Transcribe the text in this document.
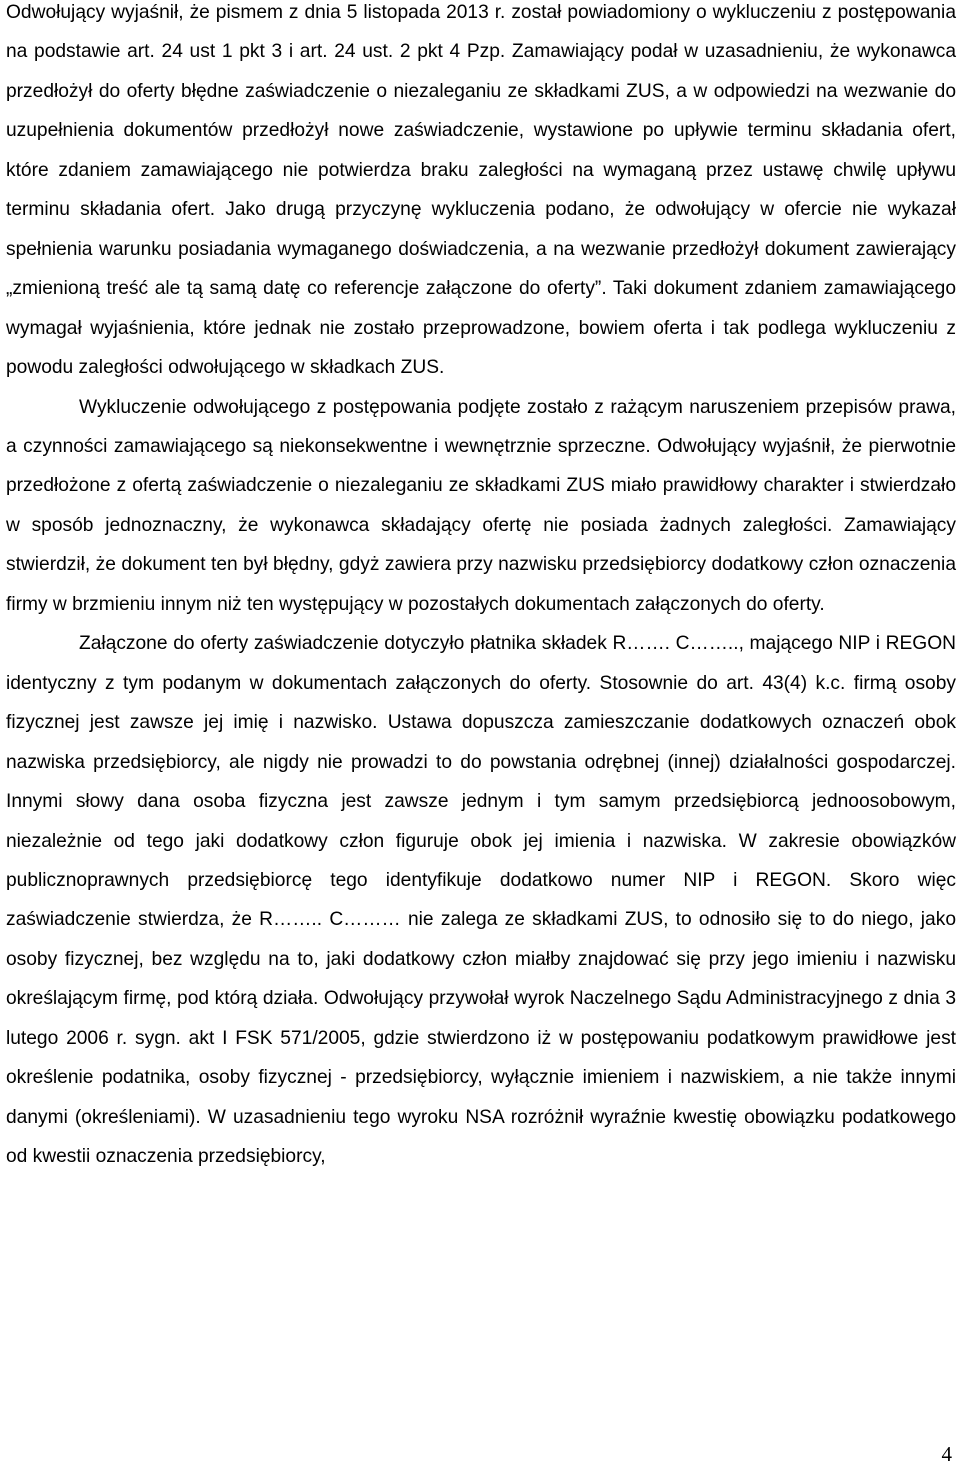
Odwołujący wyjaśnił, że pismem z dnia 5 listopada 2013 r. został powiadomiony o wykluczeniu z postępowania na podstawie art. 24 ust 1 pkt 3 i art. 24 ust. 2 pkt 4 Pzp. Zamawiający podał w uzasadnieniu, że wykonawca przedłożył do oferty błędne zaświadczenie o niezaleganiu ze składkami ZUS, a w odpowiedzi na wezwanie do uzupełnienia dokumentów przedłożył nowe zaświadczenie, wystawione po upływie terminu składania ofert, które zdaniem zamawiającego nie potwierdza braku zaległości na wymaganą przez ustawę chwilę upływu terminu składania ofert. Jako drugą przyczynę wykluczenia podano, że odwołujący w ofercie nie wykazał spełnienia warunku posiadania wymaganego doświadczenia, a na wezwanie przedłożył dokument zawierający „zmienioną treść ale tą samą datę co referencje załączone do oferty”. Taki dokument zdaniem zamawiającego wymagał wyjaśnienia, które jednak nie zostało przeprowadzone, bowiem oferta i tak podlega wykluczeniu z powodu zaległości odwołującego w składkach ZUS.

Wykluczenie odwołującego z postępowania podjęte zostało z rażącym naruszeniem przepisów prawa, a czynności zamawiającego są niekonsekwentne i wewnętrznie sprzeczne. Odwołujący wyjaśnił, że pierwotnie przedłożone z ofertą zaświadczenie o niezaleganiu ze składkami ZUS miało prawidłowy charakter i stwierdzało w sposób jednoznaczny, że wykonawca składający ofertę nie posiada żadnych zaległości. Zamawiający stwierdził, że dokument ten był błędny, gdyż zawiera przy nazwisku przedsiębiorcy dodatkowy człon oznaczenia firmy w brzmieniu innym niż ten występujący w pozostałych dokumentach załączonych do oferty.

Załączone do oferty zaświadczenie dotyczyło płatnika składek R……. C…….., mającego NIP i REGON identyczny z tym podanym w dokumentach załączonych do oferty. Stosownie do art. 43(4) k.c. firmą osoby fizycznej jest zawsze jej imię i nazwisko. Ustawa dopuszcza zamieszczanie dodatkowych oznaczeń obok nazwiska przedsiębiorcy, ale nigdy nie prowadzi to do powstania odrębnej (innej) działalności gospodarczej. Innymi słowy dana osoba fizyczna jest zawsze jednym i tym samym przedsiębiorcą jednoosobowym, niezależnie od tego jaki dodatkowy człon figuruje obok jej imienia i nazwiska. W zakresie obowiązków publicznoprawnych przedsiębiorcę tego identyfikuje dodatkowo numer NIP i REGON. Skoro więc zaświadczenie stwierdza, że R…….. C……… nie zalega ze składkami ZUS, to odnosiło się to do niego, jako osoby fizycznej, bez względu na to, jaki dodatkowy człon miałby znajdować się przy jego imieniu i nazwisku określającym firmę, pod którą działa. Odwołujący przywołał wyrok Naczelnego Sądu Administracyjnego z dnia 3 lutego 2006 r. sygn. akt I FSK 571/2005, gdzie stwierdzono iż w postępowaniu podatkowym prawidłowe jest określenie podatnika, osoby fizycznej - przedsiębiorcy, wyłącznie imieniem i nazwiskiem, a nie także innymi danymi (określeniami). W uzasadnieniu tego wyroku NSA rozróżnił wyraźnie kwestię obowiązku podatkowego od kwestii oznaczenia przedsiębiorcy,

4
